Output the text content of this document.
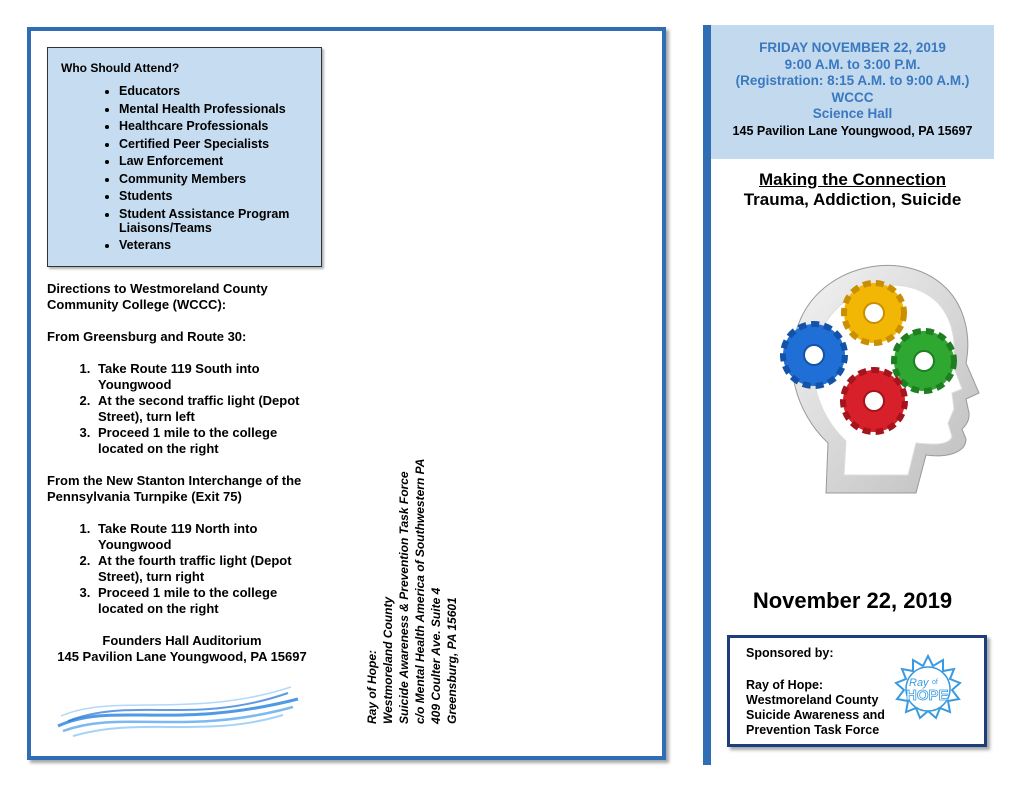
Who Should Attend?
• Educators
• Mental Health Professionals
• Healthcare Professionals
• Certified Peer Specialists
• Law Enforcement
• Community Members
• Students
• Student Assistance Program Liaisons/Teams
• Veterans

Directions to Westmoreland County Community College (WCCC):

From Greensburg and Route 30:

1. Take Route 119 South into Youngwood
2. At the second traffic light (Depot Street), turn left
3. Proceed 1 mile to the college located on the right

From the New Stanton Interchange of the Pennsylvania Turnpike (Exit 75)

1. Take Route 119 North into Youngwood
2. At the fourth traffic light (Depot Street), turn right
3. Proceed 1 mile to the college located on the right
Founders Hall Auditorium
145 Pavilion Lane Youngwood, PA 15697	Ray of Hope: Westmoreland County Suicide Awareness & Prevention Task Force c/o Mental Health America of Southwestern PA 409 Coulter Ave. Suite 4 Greensburg, PA 15601
FRIDAY NOVEMBER 22, 2019
9:00 A.M. to 3:00 P.M.
(Registration: 8:15 A.M. to 9:00 A.M.)
WCCC
Science Hall
145 Pavilion Lane Youngwood, PA 15697
Making the Connection
Trauma, Addiction, Suicide
November 22, 2019
Sponsored by:
Ray of Hope:
Westmoreland County
Suicide Awareness and
Prevention Task Force
Ray of
HOPE
